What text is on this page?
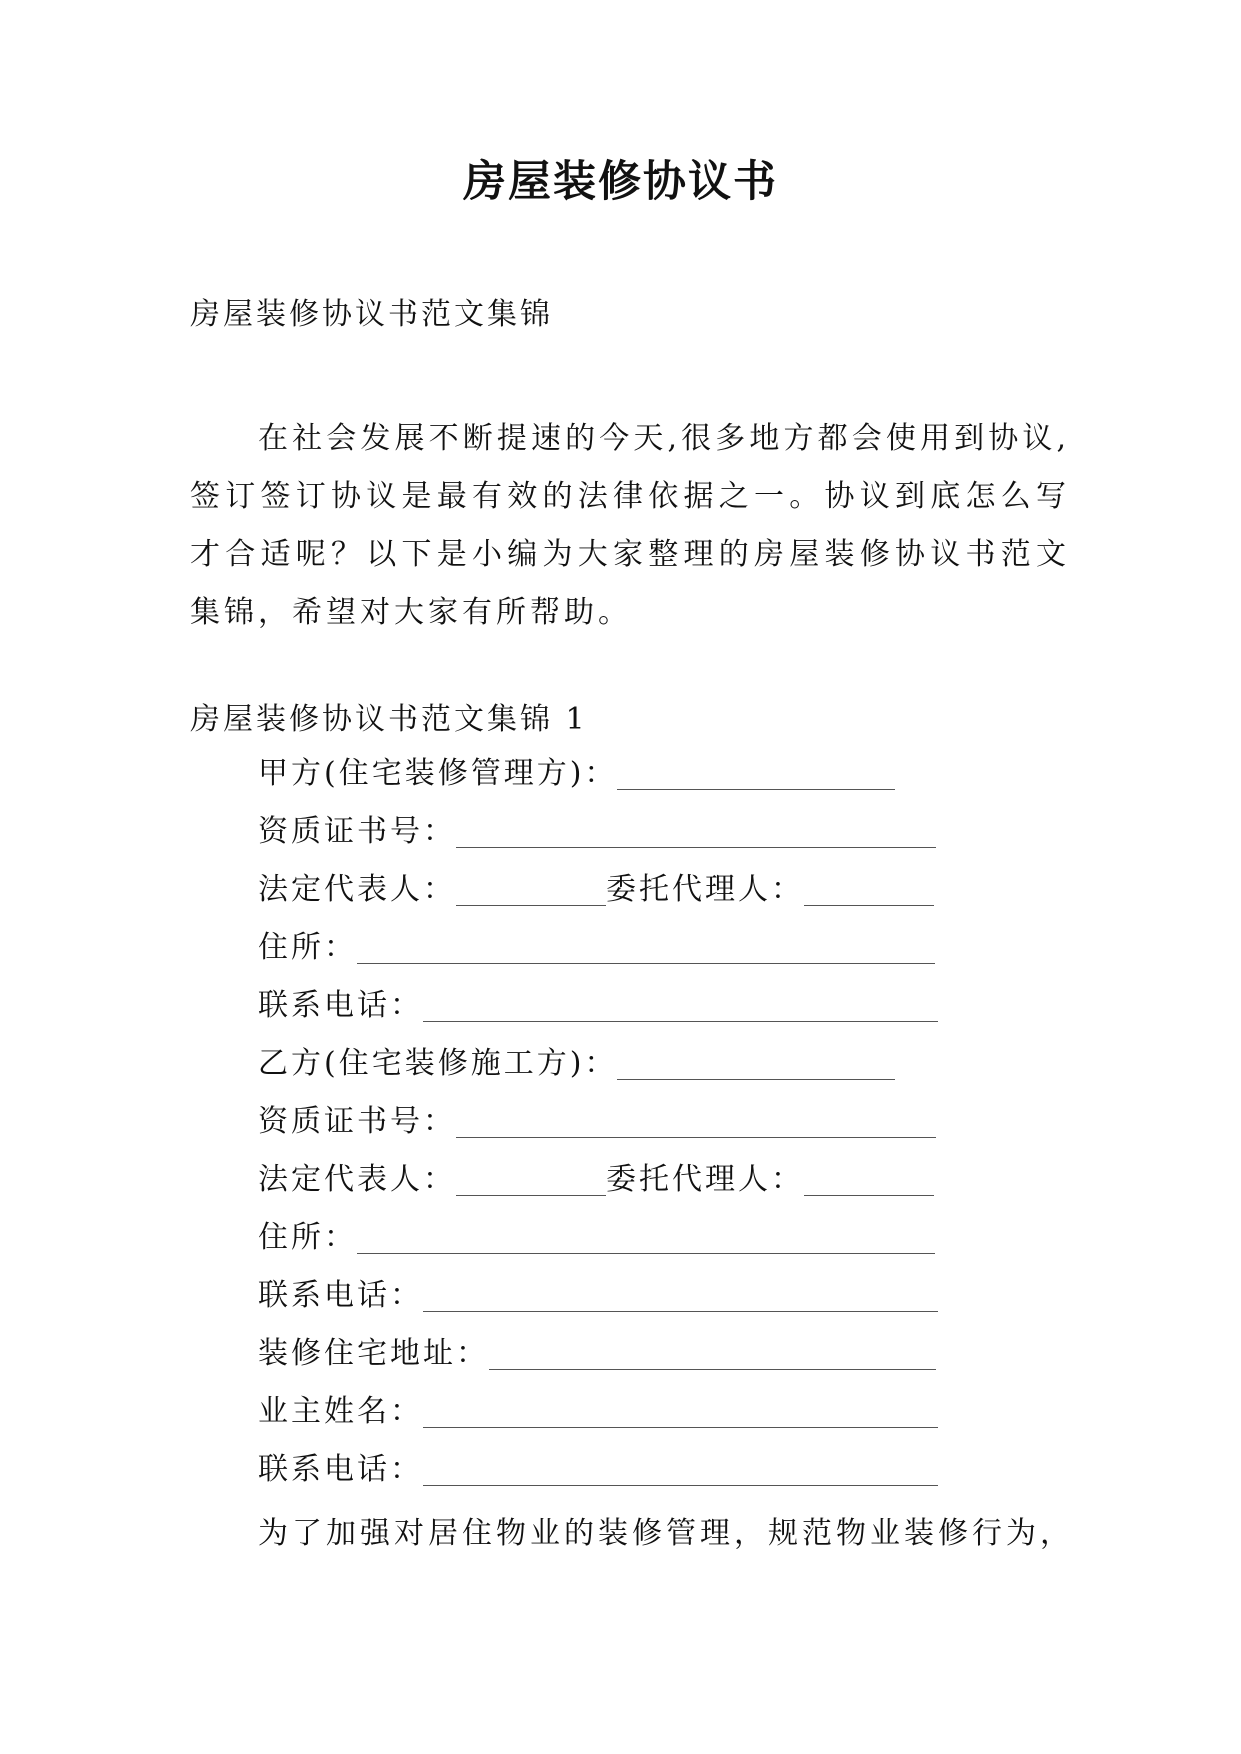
房屋装修协议书
房屋装修协议书范文集锦
在社会发展不断提速的今天,很多地方都会使用到协议,签订签订协议是最有效的法律依据之一。协议到底怎么写才合适呢？以下是小编为大家整理的房屋装修协议书范文集锦，希望对大家有所帮助。
房屋装修协议书范文集锦 1
甲方(住宅装修管理方)：
资质证书号：
法定代表人：	委托代理人：
住所：
联系电话：
乙方(住宅装修施工方)：
资质证书号：
法定代表人：	委托代理人：
住所：
联系电话：
装修住宅地址：
业主姓名：
联系电话：
为了加强对居住物业的装修管理，规范物业装修行为，
